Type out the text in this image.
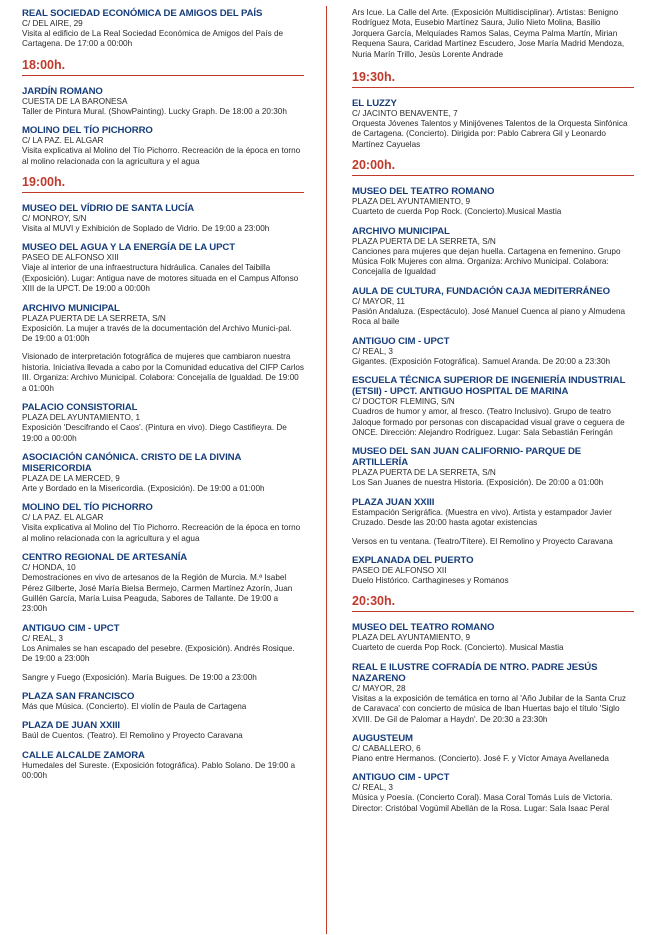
REAL SOCIEDAD ECONÓMICA DE AMIGOS DEL PAÍS
C/ DEL AIRE, 29
Visita al edificio de La Real Sociedad Económica de Amigos del País de Cartagena. De 17:00 a 00:00h
18:00h.
JARDÍN ROMANO
CUESTA DE LA BARONESA
Taller de Pintura Mural. (ShowPainting). Lucky Graph. De 18:00 a 20:30h
MOLINO DEL TÍO PICHORRO
C/ LA PAZ. EL ALGAR
Visita explicativa al Molino del Tío Pichorro. Recreación de la época en torno al molino relacionada con la agricultura y el agua
19:00h.
MUSEO DEL VÍDRIO DE SANTA LUCÍA
C/ MONROY, S/N
Visita al MUVI y Exhibición de Soplado de Vidrio. De 19:00 a 23:00h
MUSEO DEL AGUA Y LA ENERGÍA DE LA UPCT
PASEO DE ALFONSO XIII
Viaje al interior de una infraestructura hidráulica. Canales del Taibilla (Exposición). Lugar: Antigua nave de motores situada en el Campus Alfonso XIII de la UPCT. De 19:00 a 00:00h
ARCHIVO MUNICIPAL
PLAZA PUERTA DE LA SERRETA, S/N
Exposición. La mujer a través de la documentación del Archivo Munici-pal. De 19:00 a 01:00h
Visionado de interpretación fotográfica de mujeres que cambiaron nuestra historia. Iniciativa llevada a cabo por la Comunidad educativa del CIFP Carlos III. Organiza: Archivo Municipal. Colabora: Concejalía de Igualdad. De 19:00 a 01:00h
PALACIO CONSISTORIAL
PLAZA DEL AYUNTAMIENTO, 1
Exposición 'Descifrando el Caos'. (Pintura en vivo). Diego Castifieyra. De 19:00 a 00:00h
ASOCIACIÓN CANÓNICA. CRISTO DE LA DIVINA MISERICORDIA
PLAZA DE LA MERCED, 9
Arte y Bordado en la Misericordia. (Exposición). De 19:00 a 01:00h
MOLINO DEL TÍO PICHORRO
C/ LA PAZ. EL ALGAR
Visita explicativa al Molino del Tío Pichorro. Recreación de la época en torno al molino relacionada con la agricultura y el agua
CENTRO REGIONAL DE ARTESANÍA
C/ HONDA, 10
Demostraciones en vivo de artesanos de la Región de Murcia. M.ª Isabel Pérez Gilberte, José María Bielsa Bermejo, Carmen Martínez Azorín, Juan Guillén García, María Luisa Peaguda, Sabores de Tallante. De 19:00 a 23:00h
ANTIGUO CIM - UPCT
C/ REAL, 3
Los Animales se han escapado del pesebre. (Exposición). Andrés Rosique. De 19:00 a 23:00h
Sangre y Fuego (Exposición). María Buigues. De 19:00 a 23:00h
PLAZA SAN FRANCISCO
Más que Música. (Concierto). El violín de Paula de Cartagena
PLAZA DE JUAN XXIII
Baúl de Cuentos. (Teatro). El Remolino y Proyecto Caravana
CALLE ALCALDE ZAMORA
Humedales del Sureste. (Exposición fotográfica). Pablo Solano. De 19:00 a 00:00h
Ars Icue. La Calle del Arte. (Exposición Multidisciplinar). Artistas: Benigno Rodríguez Mota, Eusebio Martínez Saura, Julio Nieto Molina, Basilio Jorquera García, Melquíades Ramos Salas, Ceyma Palma Martín, Mirian Requena Saura, Caridad Martínez Escudero, Jose María Madrid Mendoza, Nuria Marín Trillo, Jesús Lorente Andrade
19:30h.
EL LUZZY
C/ JACINTO BENAVENTE, 7
Orquesta Jóvenes Talentos y Minijóvenes Talentos de la Orquesta Sinfónica de Cartagena. (Concierto). Dirigida por: Pablo Cabrera Gil y Leonardo Martínez Cayuelas
20:00h.
MUSEO DEL TEATRO ROMANO
PLAZA DEL AYUNTAMIENTO, 9
Cuarteto de cuerda Pop Rock. (Concierto).Musical Mastia
ARCHIVO MUNICIPAL
PLAZA PUERTA DE LA SERRETA, S/N
Canciones para mujeres que dejan huella. Cartagena en femenino. Grupo Música Folk Mujeres con alma. Organiza: Archivo Municipal. Colabora: Concejalía de Igualdad
AULA DE CULTURA, FUNDACIÓN CAJA MEDITERRÁNEO
C/ MAYOR, 11
Pasión Andaluza. (Espectáculo). José Manuel Cuenca al piano y Almudena Roca al baile
ANTIGUO CIM - UPCT
C/ REAL, 3
Gigantes. (Exposición Fotográfica). Samuel Aranda. De 20:00 a 23:30h
ESCUELA TÉCNICA SUPERIOR DE INGENIERÍA INDUSTRIAL (ETSII) - UPCT. ANTIGUO HOSPITAL DE MARINA
C/ DOCTOR FLEMING, S/N
Cuadros de humor y amor, al fresco. (Teatro Inclusivo). Grupo de teatro Jaloque formado por personas con discapacidad visual grave o ceguera de ONCE. Dirección: Alejandro Rodríguez. Lugar: Sala Sebastián Feringán
MUSEO DEL SAN JUAN CALIFORNIO- PARQUE DE ARTILLERÍA
PLAZA PUERTA DE LA SERRETA, S/N
Los San Juanes de nuestra Historia. (Exposición). De 20:00 a 01:00h
PLAZA JUAN XXIII
Estampación Serigráfica. (Muestra en vivo). Artista y estampador Javier Cruzado. Desde las 20:00 hasta agotar existencias
Versos en tu ventana. (Teatro/Títere). El Remolino y Proyecto Caravana
EXPLANADA DEL PUERTO
PASEO DE ALFONSO XII
Duelo Histórico. Carthagineses y Romanos
20:30h.
MUSEO DEL TEATRO ROMANO
PLAZA DEL AYUNTAMIENTO, 9
Cuarteto de cuerda Pop Rock. (Concierto). Musical Mastia
REAL E ILUSTRE COFRADÍA DE NTRO. PADRE JESÚS NAZARENO
C/ MAYOR, 28
Visitas a la exposición de temática en torno al 'Año Jubilar de la Santa Cruz de Caravaca' con concierto de música de Iban Huertas bajo el título 'Siglo XVIII. De Gil de Palomar a Haydn'. De 20:30 a 23:30h
AUGUSTEUM
C/ CABALLERO, 6
Piano entre Hermanos. (Concierto). José F. y Víctor Amaya Avellaneda
ANTIGUO CIM - UPCT
C/ REAL, 3
Música y Poesía. (Concierto Coral). Masa Coral Tomás Luís de Victoria. Director: Cristóbal Vogúmil Abellán de la Rosa. Lugar: Sala Isaac Peral
